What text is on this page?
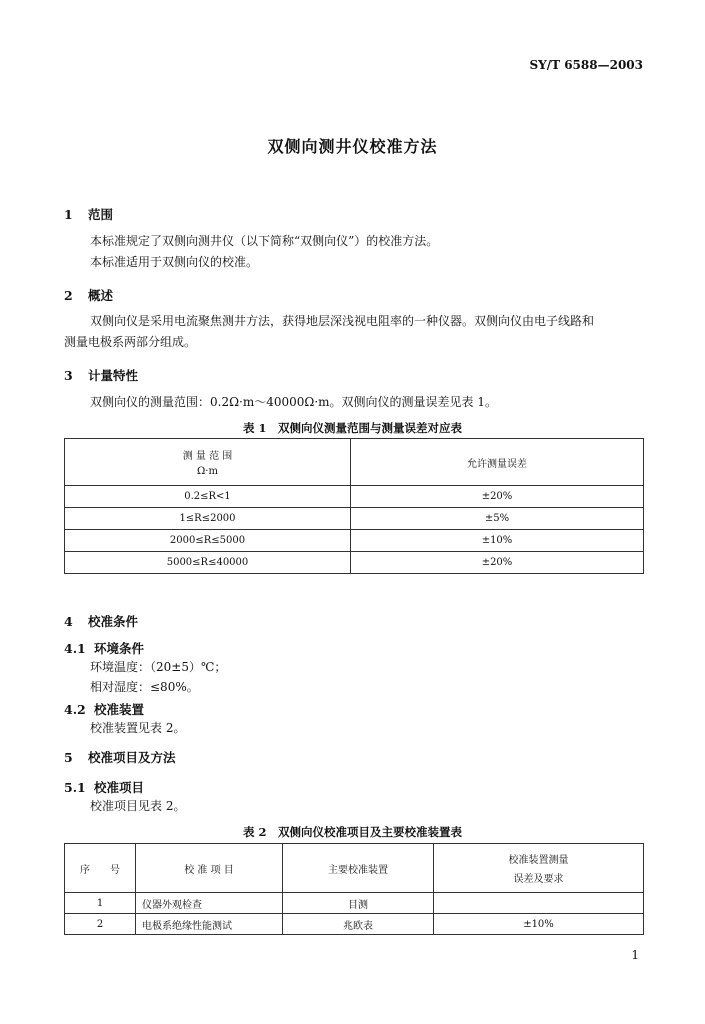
SY/T 6588—2003
双侧向测井仪校准方法
1 范围
本标准规定了双侧向测井仪（以下简称“双侧向仪”）的校准方法。
本标准适用于双侧向仪的校准。
2 概述
双侧向仪是采用电流聚焦测井方法，获得地层深浅视电阻率的一种仪器。双侧向仪由电子线路和
测量电极系两部分组成。
3 计量特性
双侧向仪的测量范围：0.2Ω·m～40000Ω·m。双侧向仪的测量误差见表 1。
表 1　双侧向仪测量范围与测量误差对应表
测 量 范 围
Ω·m	允许测量误差
0.2≤R<1	±20%
1≤R≤2000	±5%
2000≤R≤5000	±10%
5000≤R≤40000	±20%
4 校准条件
4.1 环境条件
环境温度：（20±5）℃；
相对湿度：≤80%。
4.2 校准装置
校准装置见表 2。
5 校准项目及方法
5.1 校准项目
校准项目见表 2。
表 2　双侧向仪校准项目及主要校准装置表
序　　号	校 准 项 目	主要校准装置	校准装置测量
误差及要求

1	仪器外观检查	目测	
2	电极系绝缘性能测试	兆欧表	±10%
1
